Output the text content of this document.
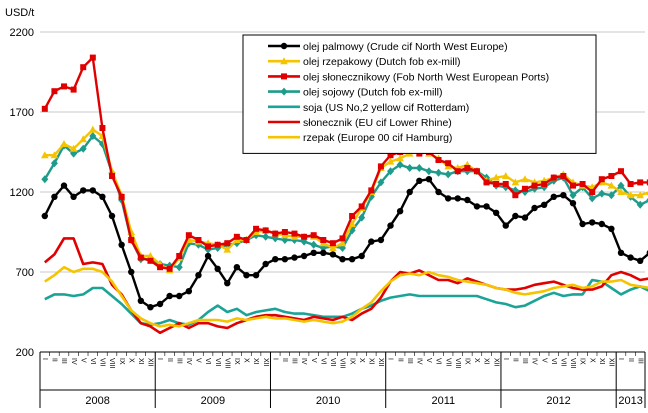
USD/t
200
700
1200
1700
2200
I II III IV V VI VII VIII IX X XI XII I II III IV V VI VII VIII IX X XI XII I II III IV V VI VII VIII IX X XI XII I II III IV V VI VII VIII IX X XI XII I II III IV V VI VII VIII IX X XI XII I II III
2008	2009	2010	2011	2012	2013
olej palmowy (Crude cif North West Europe)
olej rzepakowy (Dutch fob ex-mill)
olej słonecznikowy (Fob North West European Ports)
olej sojowy (Dutch fob ex-mill)
soja (US No,2 yellow cif Rotterdam)
słonecznik (EU cif Lower Rhine)
rzepak (Europe 00 cif Hamburg)
